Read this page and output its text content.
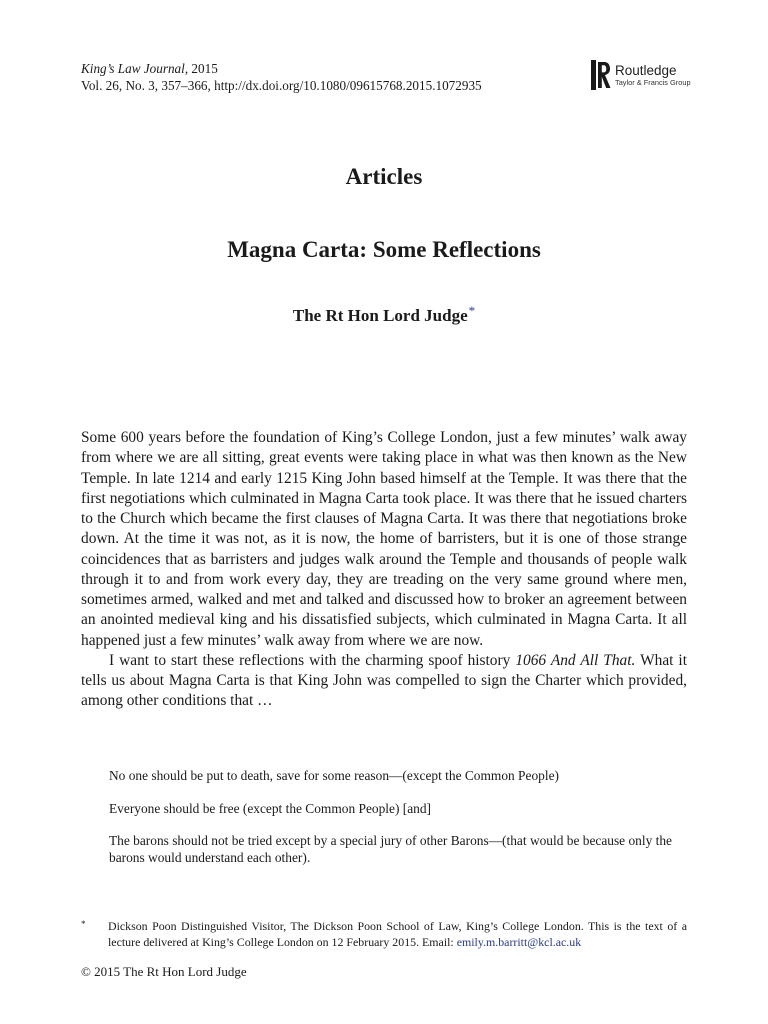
King’s Law Journal, 2015
Vol. 26, No. 3, 357–366, http://dx.doi.org/10.1080/09615768.2015.1072935
Routledge
Taylor & Francis Group
Articles
Magna Carta: Some Reflections
The Rt Hon Lord Judge*

Some 600 years before the foundation of King’s College London, just a few minutes’ walk away from where we are all sitting, great events were taking place in what was then known as the New Temple. In late 1214 and early 1215 King John based himself at the Temple. It was there that the first negotiations which culminated in Magna Carta took place. It was there that he issued charters to the Church which became the first clauses of Magna Carta. It was there that negotiations broke down. At the time it was not, as it is now, the home of barristers, but it is one of those strange coincidences that as barristers and judges walk around the Temple and thousands of people walk through it to and from work every day, they are treading on the very same ground where men, sometimes armed, walked and met and talked and discussed how to broker an agreement between an anointed medieval king and his dissatisfied subjects, which culminated in Magna Carta. It all happened just a few minutes’ walk away from where we are now.

I want to start these reflections with the charming spoof history 1066 And All That. What it tells us about Magna Carta is that King John was compelled to sign the Charter which provided, among other conditions that …

No one should be put to death, save for some reason—(except the Common People)

Everyone should be free (except the Common People) [and]

The barons should not be tried except by a special jury of other Barons—(that would be because only the barons would understand each other).

* Dickson Poon Distinguished Visitor, The Dickson Poon School of Law, King’s College London. This is the text of a lecture delivered at King’s College London on 12 February 2015. Email: emily.m.barritt@kcl.ac.uk
© 2015 The Rt Hon Lord Judge
